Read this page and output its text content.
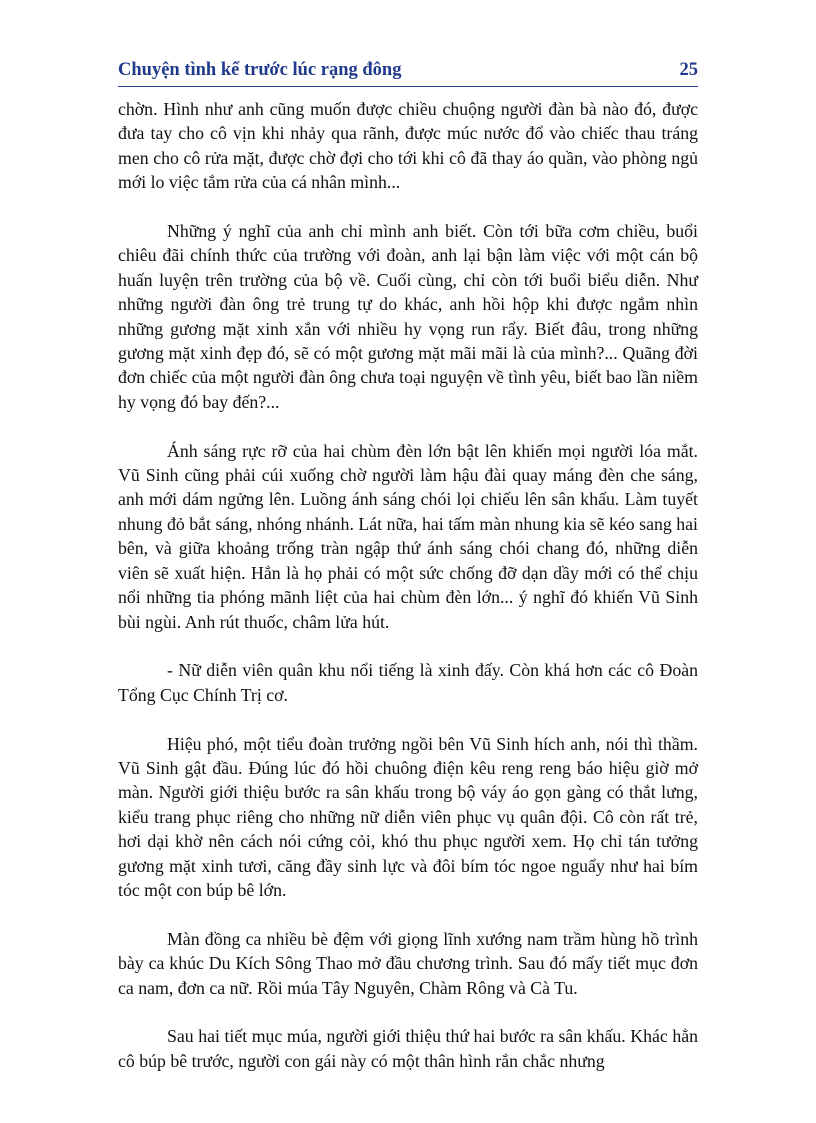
Chuyện tình kể trước lúc rạng đông	25

chờn. Hình như anh cũng muốn được chiều chuộng người đàn bà nào đó, được đưa tay cho cô vịn khi nhảy qua rãnh, được múc nước đổ vào chiếc thau tráng men cho cô rửa mặt, được chờ đợi cho tới khi cô đã thay áo quần, vào phòng ngủ mới lo việc tắm rửa của cá nhân mình...

Những ý nghĩ của anh chỉ mình anh biết. Còn tới bữa cơm chiều, buổi chiêu đãi chính thức của trường với đoàn, anh lại bận làm việc với một cán bộ huấn luyện trên trường của bộ về. Cuối cùng, chỉ còn tới buổi biểu diễn. Như những người đàn ông trẻ trung tự do khác, anh hồi hộp khi được ngắm nhìn những gương mặt xinh xắn với nhiều hy vọng run rẩy. Biết đâu, trong những gương mặt xinh đẹp đó, sẽ có một gương mặt mãi mãi là của mình?... Quãng đời đơn chiếc của một người đàn ông chưa toại nguyện về tình yêu, biết bao lần niềm hy vọng đó bay đến?...

Ánh sáng rực rỡ của hai chùm đèn lớn bật lên khiến mọi người lóa mắt. Vũ Sinh cũng phải cúi xuống chờ người làm hậu đài quay máng đèn che sáng, anh mới dám ngửng lên. Luồng ánh sáng chói lọi chiếu lên sân khấu. Làm tuyết nhung đỏ bắt sáng, nhóng nhánh. Lát nữa, hai tấm màn nhung kia sẽ kéo sang hai bên, và giữa khoảng trống tràn ngập thứ ánh sáng chói chang đó, những diễn viên sẽ xuất hiện. Hẳn là họ phải có một sức chống đỡ dạn dầy mới có thể chịu nổi những tia phóng mãnh liệt của hai chùm đèn lớn... ý nghĩ đó khiến Vũ Sinh bùi ngùi. Anh rút thuốc, châm lửa hút.

- Nữ diễn viên quân khu nổi tiếng là xinh đấy. Còn khá hơn các cô Đoàn Tổng Cục Chính Trị cơ.

Hiệu phó, một tiểu đoàn trưởng ngồi bên Vũ Sinh hích anh, nói thì thầm. Vũ Sinh gật đầu. Đúng lúc đó hồi chuông điện kêu reng reng báo hiệu giờ mở màn. Người giới thiệu bước ra sân khấu trong bộ váy áo gọn gàng có thắt lưng, kiểu trang phục riêng cho những nữ diễn viên phục vụ quân đội. Cô còn rất trẻ, hơi dại khờ nên cách nói cứng cỏi, khó thu phục người xem. Họ chỉ tán tưởng gương mặt xinh tươi, căng đầy sinh lực và đôi bím tóc ngoe nguẩy như hai bím tóc một con búp bê lớn.

Màn đồng ca nhiều bè đệm với giọng lĩnh xướng nam trầm hùng hồ trình bày ca khúc Du Kích Sông Thao mở đầu chương trình. Sau đó mấy tiết mục đơn ca nam, đơn ca nữ. Rồi múa Tây Nguyên, Chàm Rông và Cà Tu.

Sau hai tiết mục múa, người giới thiệu thứ hai bước ra sân khấu. Khác hẳn cô búp bê trước, người con gái này có một thân hình rắn chắc nhưng
